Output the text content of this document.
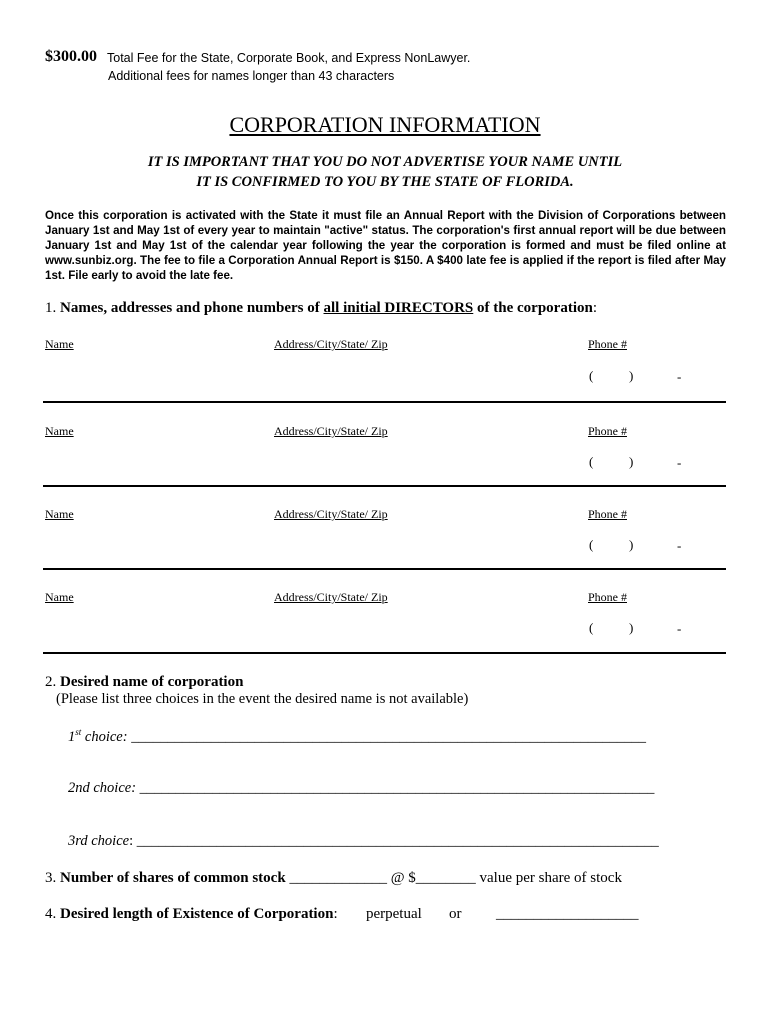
$300.00 Total Fee for the State, Corporate Book, and Express NonLawyer.
Additional fees for names longer than 43 characters
CORPORATION INFORMATION
IT IS IMPORTANT THAT YOU DO NOT ADVERTISE YOUR NAME UNTIL
IT IS CONFIRMED TO YOU BY THE STATE OF FLORIDA.
Once this corporation is activated with the State it must file an Annual Report with the Division of Corporations between January 1st and May 1st of every year to maintain "active" status. The corporation's first annual report will be due between January 1st and May 1st of the calendar year following the year the corporation is formed and must be filed online at www.sunbiz.org. The fee to file a Corporation Annual Report is $150. A $400 late fee is applied if the report is filed after May 1st. File early to avoid the late fee.
1. Names, addresses and phone numbers of all initial DIRECTORS of the corporation:
Name	Address/City/State/ Zip	Phone #
(	)	-
Name	Address/City/State/ Zip	Phone #
(	)	-
Name	Address/City/State/ Zip	Phone #
(	)	-
Name	Address/City/State/ Zip	Phone #
(	)	-
2. Desired name of corporation
(Please list three choices in the event the desired name is not available)
1st choice: _______________________________________________________________________
2nd choice: _______________________________________________________________________
3rd choice: ________________________________________________________________________
3. Number of shares of common stock _____________ @ $________ value per share of stock
4. Desired length of Existence of Corporation: perpetual or ___________________
